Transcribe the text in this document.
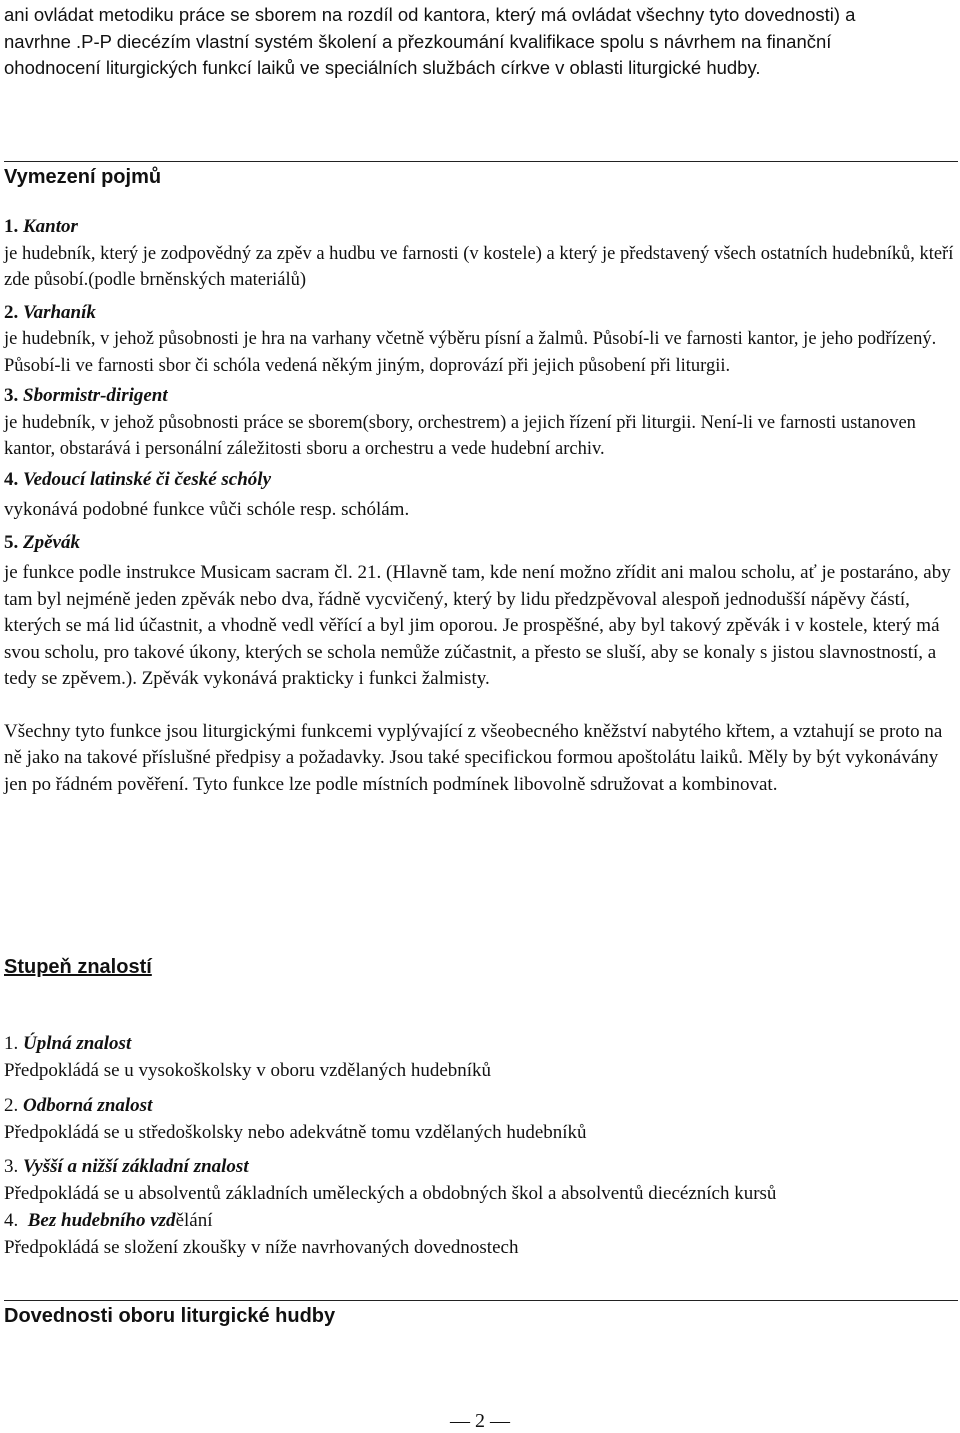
ani ovládat metodiku práce se sborem na rozdíl od kantora, který má ovládat všechny tyto dovednosti) a

navrhne .P-P diecézím vlastní systém školení a přezkoumání kvalifikace spolu s návrhem na finanční

ohodnocení liturgických funkcí laiků ve speciálních službách církve v oblasti liturgické hudby.

Vymezení pojmů

1. Kantor

je hudebník, který je zodpovědný za zpěv a hudbu ve farnosti (v kostele) a který je představený všech ostatních hudebníků, kteří zde působí.(podle brněnských materiálů)

2. Varhaník

je hudebník, v jehož působnosti je hra na varhany včetně výběru písní a žalmů. Působí-li ve farnosti kantor, je jeho podřízený. Působí-li ve farnosti sbor či schóla vedená někým jiným, doprovází při jejich působení při liturgii.

3. Sbormistr-dirigent

je hudebník, v jehož působnosti práce se sborem(sbory, orchestrem) a jejich řízení při liturgii. Není-li ve farnosti ustanoven kantor, obstarává i personální záležitosti sboru a orchestru a vede hudební archiv.

4. Vedoucí latinské či české schóly

vykonává podobné funkce vůči schóle resp. schólám.

5. Zpěvák

je funkce podle instrukce Musicam sacram čl. 21. (Hlavně tam, kde není možno zřídit ani malou scholu, ať je postaráno, aby tam byl nejméně jeden zpěvák nebo dva, řádně vycvičený, který by lidu předzpěvoval alespoň jednodušší nápěvy částí, kterých se má lid účastnit, a vhodně vedl věřící a byl jim oporou. Je prospěšné, aby byl takový zpěvák i v kostele, který má svou scholu, pro takové úkony, kterých se schola nemůže zúčastnit, a přesto se sluší, aby se konaly s jistou slavnostností, a tedy se zpěvem.). Zpěvák vykonává prakticky i funkci žalmisty.

Všechny tyto funkce jsou liturgickými funkcemi vyplývající z všeobecného kněžství nabytého křtem, a vztahují se proto na ně jako na takové příslušné předpisy a požadavky. Jsou také specifickou formou apoštolátu laiků. Měly by být vykonávány jen po řádném pověření. Tyto funkce lze podle místních podmínek libovolně sdružovat a kombinovat.

Stupeň znalostí

1. Úplná znalost

Předpokládá se u vysokoškolsky v oboru vzdělaných hudebníků

2. Odborná znalost

Předpokládá se u středoškolsky nebo adekvátně tomu vzdělaných hudebníků

3. Vyšší a nižší základní znalost

Předpokládá se u absolventů základních uměleckých a obdobných škol a absolventů diecézních kursů

4. Bez hudebního vzdělání

Předpokládá se složení zkoušky v níže navrhovaných dovednostech

Dovednosti oboru liturgické hudby
— 2 —
